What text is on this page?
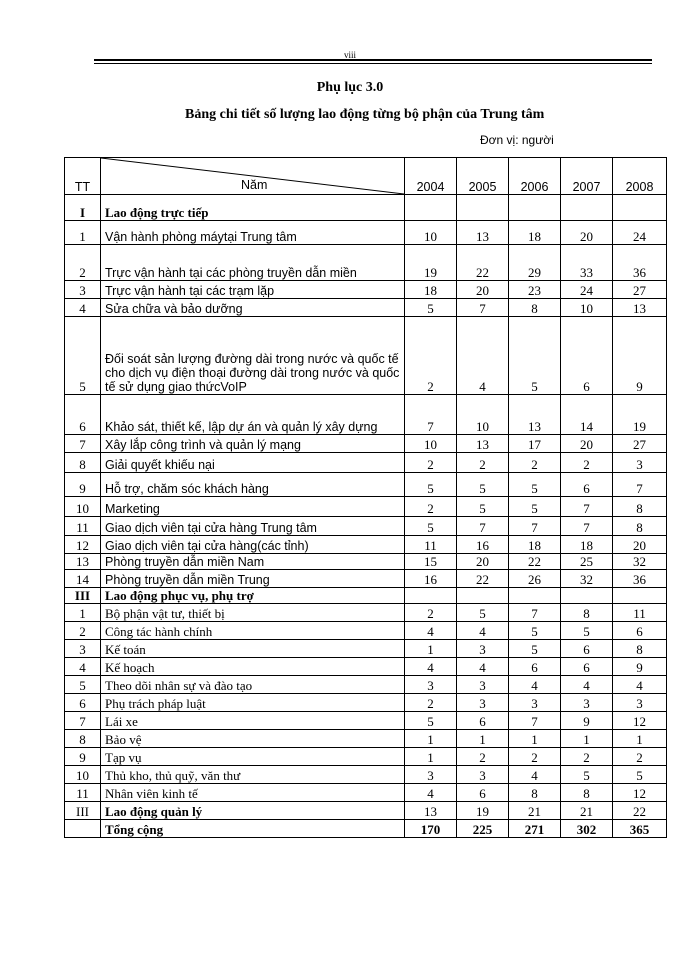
viii
Phụ lục 3.0
Bảng chi tiết số lượng lao động từng bộ phận của Trung tâm
Đơn vị: người
TT	Năm	2004	2005	2006	2007	2008
I	Lao động trực tiếp					
1	Vận hành phòng máytại Trung tâm	10	13	18	20	24
2	Trực vận hành tại các phòng truyền dẫn miền	19	22	29	33	36
3	Trực vận hành tại các trạm lặp	18	20	23	24	27
4	Sửa chữa và bảo dưỡng	5	7	8	10	13
5	Đối soát sản lượng đường dài trong nước và quốc tế cho dịch vụ điện thoại đường dài trong nước và quốc tế sử dụng giao thứcVoIP	2	4	5	6	9
6	Khảo sát, thiết kế, lập dự án và quản lý xây dựng	7	10	13	14	19
7	Xây lắp công trình và quản lý mạng	10	13	17	20	27
8	Giải quyết khiếu nại	2	2	2	2	3
9	Hỗ trợ, chăm sóc khách hàng	5	5	5	6	7
10	Marketing	2	5	5	7	8
11	Giao dịch viên tại cửa hàng Trung tâm	5	7	7	7	8
12	Giao dịch viên tại cửa hàng(các tỉnh)	11	16	18	18	20
13	Phòng truyền dẫn miền Nam	15	20	22	25	32
14	Phòng truyền dẫn miền Trung	16	22	26	32	36
III	Lao động phục vụ, phụ trợ					
1	Bộ phận vật tư, thiết bị	2	5	7	8	11
2	Công tác hành chính	4	4	5	5	6
3	Kế toán	1	3	5	6	8
4	Kế hoạch	4	4	6	6	9
5	Theo dõi nhân sự và đào tạo	3	3	4	4	4
6	Phụ trách pháp luật	2	3	3	3	3
7	Lái xe	5	6	7	9	12
8	Bảo vệ	1	1	1	1	1
9	Tạp vụ	1	2	2	2	2
10	Thủ kho, thủ quỹ, văn thư	3	3	4	5	5
11	Nhân viên kinh tế	4	6	8	8	12
III	Lao động quản lý	13	19	21	21	22
	Tổng cộng	170	225	271	302	365
